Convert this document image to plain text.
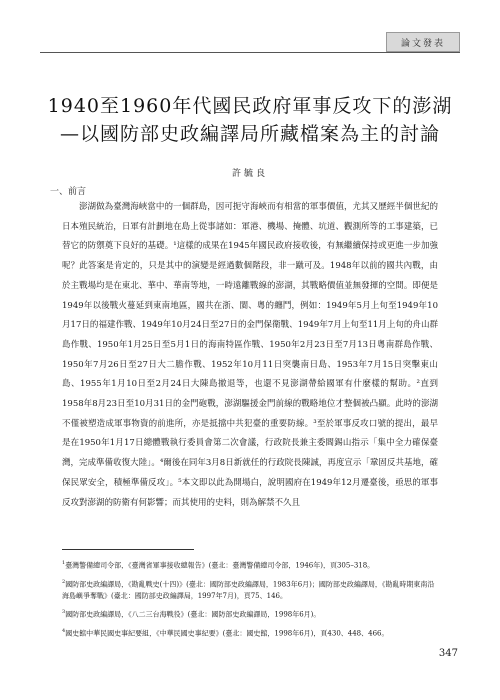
論文發表
1940至1960年代國民政府軍事反攻下的澎湖
—以國防部史政編譯局所藏檔案為主的討論
許毓良
一、前言

澎湖做為臺灣海峽當中的一個群島，因可扼守海峽而有相當的軍事價值，尤其又歷經半個世紀的日本殖民統治，日軍有計劃地在島上從事諸如：軍港、機場、掩體、坑道、觀測所等的工事建築，已替它的防禦奠下良好的基礎。¹這樣的成果在1945年國民政府接收後，有無繼續保持或更進一步加強呢？此答案是肯定的，只是其中的演變是經過數個階段，非一蹴可及。1948年以前的國共內戰，由於主戰場均是在東北、華中、華南等地，一時遠離戰線的澎湖，其戰略價值並無發揮的空間。即便是1949年以後戰火蔓延到東南地區，國共在浙、閩、粵的纏鬥，例如：1949年5月上旬至1949年10月17日的福建作戰、1949年10月24日至27日的金門保衛戰、1949年7月上旬至11月上旬的舟山群島作戰、1950年1月25日至5月1日的海南特區作戰、1950年2月23日至7月13日粵南群島作戰、1950年7月26日至27日大二膽作戰、1952年10月11日突襲南日島、1953年7月15日突擊東山島、1955年1月10日至2月24日大陳島撤退等，也還不見澎湖帶給國軍有什麼樣的幫助。²直到1958年8月23日至10月31日的金門砲戰，澎湖驅援金門前線的戰略地位才整個被凸顯。此時的澎湖不僅被塑造成軍事物資的前進所，亦是抵擋中共犯臺的重要防線。³至於軍事反攻口號的提出，最早是在1950年1月17日總體戰執行委員會第二次會議，行政院長兼主委閻錫山指示「集中全力確保臺灣，完成準備收復大陸」。⁴爾後在同年3月8日新就任的行政院長陳誠，再度宣示「鞏固反共基地，確保民眾安全，積極準備反攻」。⁵本文即以此為開場白，說明國府在1949年12月遷臺後，亟思的軍事反攻對澎湖的防衛有何影響；而其使用的史料，則為解禁不久且

$^1$臺灣警備總司令部，《臺灣省軍事接收總報告》(臺北：臺灣警備總司令部，1946年)，頁305–318。
$^2$國防部史政編譯局，《勘亂戰史(十四)》(臺北：國防部史政編譯局，1983年6月)；國防部史政編譯局，《勘亂時期東南沿海島嶼爭奪戰》(臺北：國防部史政編譯局，1997年7月)，頁75、146。
$^3$國防部史政編譯局，《八二三台海戰役》(臺北：國防部史政編譯局，1998年6月)。
$^4$國史館中華民國史事紀要組，《中華民國史事紀要》(臺北：國史館，1998年6月)，頁430、448、466。
347
